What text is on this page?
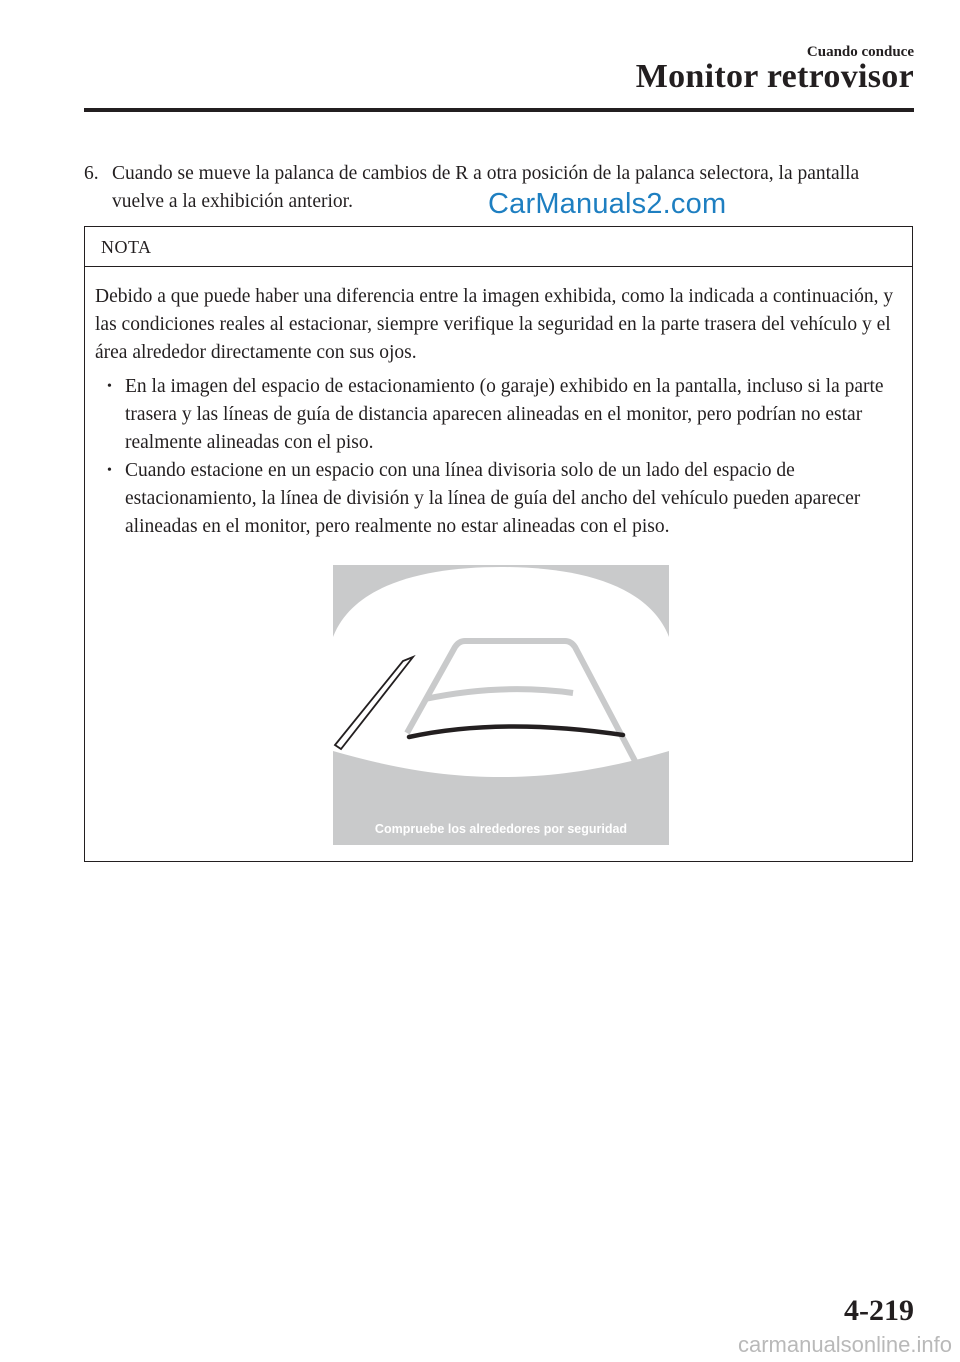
Cuando conduce
Monitor retrovisor
6. Cuando se mueve la palanca de cambios de R a otra posición de la palanca selectora, la pantalla vuelve a la exhibición anterior.	CarManuals2.com
NOTA
Debido a que puede haber una diferencia entre la imagen exhibida, como la indicada a continuación, y las condiciones reales al estacionar, siempre verifique la seguridad en la parte trasera del vehículo y el área alrededor directamente con sus ojos.
• En la imagen del espacio de estacionamiento (o garaje) exhibido en la pantalla, incluso si la parte trasera y las líneas de guía de distancia aparecen alineadas en el monitor, pero podrían no estar realmente alineadas con el piso.
• Cuando estacione en un espacio con una línea divisoria solo de un lado del espacio de estacionamiento, la línea de división y la línea de guía del ancho del vehículo pueden aparecer alineadas en el monitor, pero realmente no estar alineadas con el piso.
Compruebe los alrededores por seguridad
4-219
carmanualsonline.info
